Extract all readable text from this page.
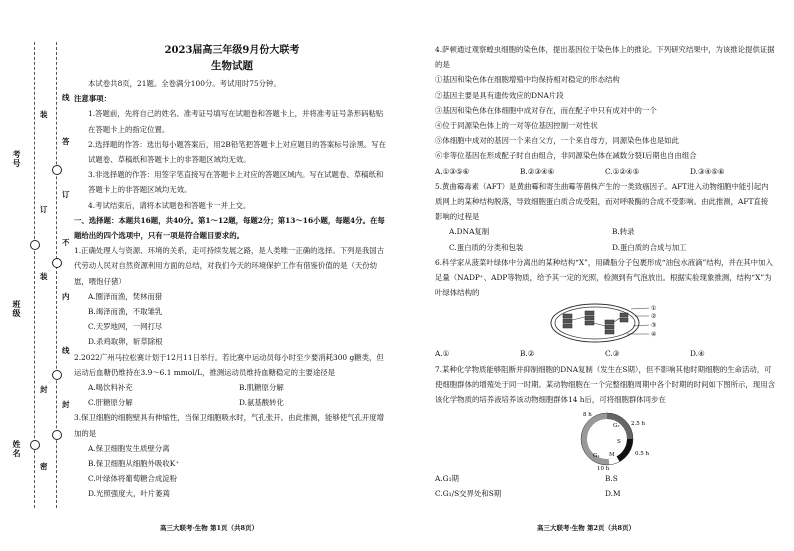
线
答
订
不
内
线
封
装
订
装
封
密
考号
班级
姓名
2023届高三年级9月份大联考
生物试题
本试卷共8页，21题。全卷满分100分。考试用时75分钟。
注意事项：
1.答题前，先将自己的姓名、准考证号填写在试题卷和答题卡上，并将准考证号条形码粘贴在答题卡上的指定位置。
2.选择题的作答：选出每小题答案后，用2B铅笔把答题卡上对应题目的答案标号涂黑。写在试题卷、草稿纸和答题卡上的非答题区域均无效。
3.非选择题的作答：用签字笔直接写在答题卡上对应的答题区域内。写在试题卷、草稿纸和答题卡上的非答题区域均无效。
4.考试结束后，请将本试题卷和答题卡一并上交。
一、选择题：本题共16题，共40分。第1～12题，每题2分；第13～16小题，每题4分。在每题给出的四个选项中，只有一项是符合题目要求的。
1.正确处理人与资源、环境的关系，走可持续发展之路，是人类唯一正确的选择。下列是我国古代劳动人民对自然资源利用方面的总结，对我们今天的环境保护工作有借鉴价值的是（天份幼崽，喂饱仔猪）
A.圈泽而渔，焚林而猎
B.竭泽而渔，不取雏乳
C.天罗地网，一网打尽
D.杀鸡取卵，斩草除根
2.2022广州马拉松赛计划于12月11日举行。若比赛中运动员每小时至少要消耗300 g糖类，但运动后血糖仍维持在3.9～6.1 mmol/L，推测运动员维持血糖稳定的主要途径是
A.喝饮料补充	B.肌糖原分解
C.肝糖原分解	D.氨基酸转化
3.保卫细胞的细胞壁具有伸缩性，当保卫细胞吸水时，气孔张开。由此推测，能够使气孔开度增加的是
A.保卫细胞发生质壁分离
B.保卫细胞从细胞外吸收K⁺
C.叶绿体将葡萄糖合成淀粉
D.光照强度大，叶片萎蔫
高三大联考·生物 第1页（共8页）
4.萨顿通过观察蝗虫细胞的染色体，提出基因位于染色体上的推论。下列研究结果中，为该推论提供证据的是
①基因和染色体在细胞增殖中均保持相对稳定的形态结构
②基因主要是具有遗传效应的DNA片段
③基因和染色体在体细胞中成对存在，而在配子中只有成对中的一个
④位于同源染色体上的一对等位基因控制一对性状
⑤体细胞中成对的基因一个来自父方，一个来自母方，同源染色体也是如此
⑥非等位基因在形成配子时自由组合，非同源染色体在减数分裂Ⅰ后期也自由组合
A.①③⑤⑥	B.②③④⑥	C.①②④⑤	D.③④⑤⑥
5.黄曲霉毒素（AFT）是黄曲霉和寄生曲霉等菌株产生的一类致癌因子。AFT进入动物细胞中能引起内质网上的某种结构脱落，导致细胞蛋白质合成受阻，而对呼吸酶的合成不受影响。由此推测，AFT直接影响的过程是
A.DNA复制	B.转录
C.蛋白质的分类和包装	D.蛋白质的合成与加工
6.科学家从菠菜叶绿体中分离出的某种结构“X”，用磷脂分子包裹形成“油包水液滴”结构，并在其中加入足量（NADP⁺、ADP等物质，给予其一定的光照，检测到有气泡放出。根据实验现象推测，结构“X”为叶绿体结构的
①
②
③
④
A.①	B.②	C.③	D.④
7.某种化学物质能够阻断并抑制细胞的DNA复制（发生在S期），但不影响其他时期细胞的生命活动，可使细胞群体的增殖处于同一时期。某动物细胞在一个完整细胞周期中各个时期的时间如下图所示，现用含该化学物质的培养液培养该动物细胞群体14 h后，可将细胞群体同步在
8 h
2.5 h
0.5 h
G₂
S
10 h
G₁ M
A.G₁期	B.S
C.G₁/S交界处和S期	D.M
高三大联考·生物 第2页（共8页）
